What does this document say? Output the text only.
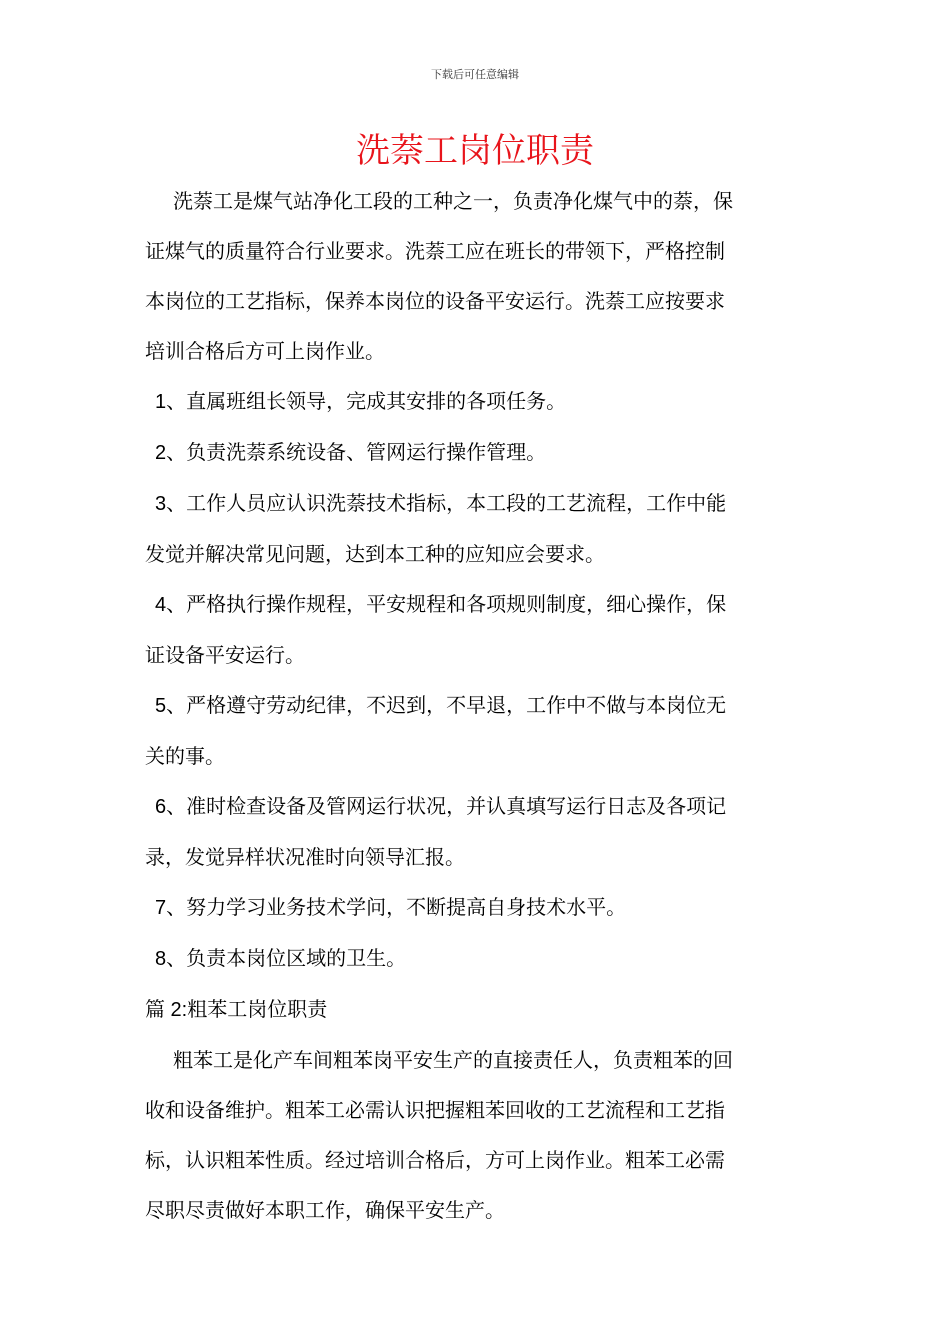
下载后可任意编辑
洗萘工岗位职责

洗萘工是煤气站净化工段的工种之一，负责净化煤气中的萘，保

证煤气的质量符合行业要求。洗萘工应在班长的带领下，严格控制

本岗位的工艺指标，保养本岗位的设备平安运行。洗萘工应按要求

培训合格后方可上岗作业。

1、直属班组长领导，完成其安排的各项任务。

2、负责洗萘系统设备、管网运行操作管理。

3、工作人员应认识洗萘技术指标，本工段的工艺流程，工作中能

发觉并解决常见问题，达到本工种的应知应会要求。

4、严格执行操作规程，平安规程和各项规则制度，细心操作，保

证设备平安运行。

5、严格遵守劳动纪律，不迟到，不早退，工作中不做与本岗位无

关的事。

6、准时检查设备及管网运行状况，并认真填写运行日志及各项记

录，发觉异样状况准时向领导汇报。

7、努力学习业务技术学问，不断提高自身技术水平。

8、负责本岗位区域的卫生。

篇 2:粗苯工岗位职责

粗苯工是化产车间粗苯岗平安生产的直接责任人，负责粗苯的回

收和设备维护。粗苯工必需认识把握粗苯回收的工艺流程和工艺指

标，认识粗苯性质。经过培训合格后，方可上岗作业。粗苯工必需

尽职尽责做好本职工作，确保平安生产。
